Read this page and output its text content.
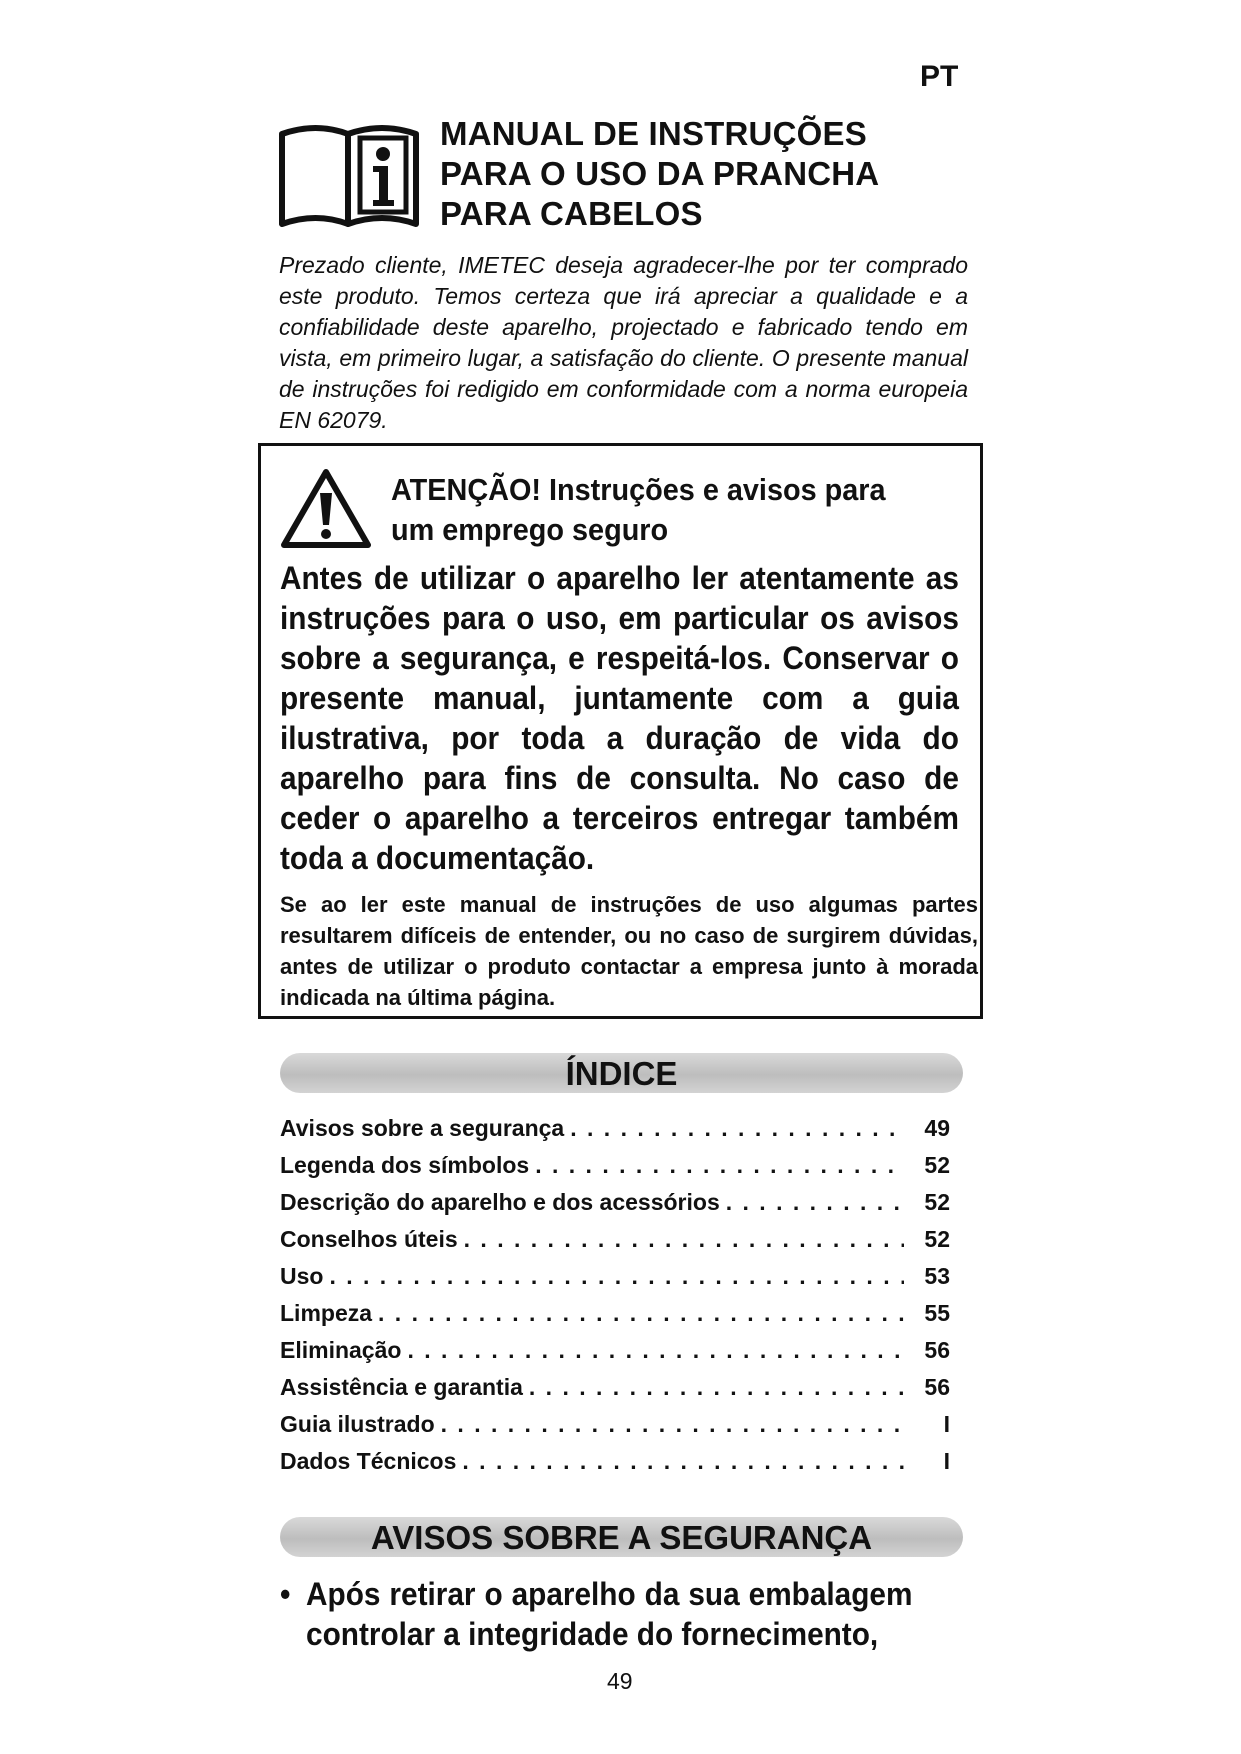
PT
MANUAL DE INSTRUÇÕES
PARA O USO DA PRANCHA
PARA CABELOS
Prezado cliente, IMETEC deseja agradecer-lhe por ter comprado este produto. Temos certeza que irá apreciar a qualidade e a confiabilidade deste aparelho, projectado e fabricado tendo em vista, em primeiro lugar, a satisfação do cliente. O presente manual de instruções foi redigido em conformidade com a norma europeia EN 62079.
ATENÇÃO! Instruções e avisos para
um emprego seguro
Antes de utilizar o aparelho ler atentamente as instruções para o uso, em particular os avisos sobre a segurança, e respeitá-los. Conservar o presente manual, juntamente com a guia ilustrativa, por toda a duração de vida do aparelho para fins de consulta. No caso de ceder o aparelho a terceiros entregar também toda a documentação.
Se ao ler este manual de instruções de uso algumas partes resultarem difíceis de entender, ou no caso de surgirem dúvidas, antes de utilizar o produto contactar a empresa junto à morada indicada na última página.
ÍNDICE
Avisos sobre a segurança . . .	49
Legenda dos símbolos . . .	52
Descrição do aparelho e dos acessórios . . .	52
Conselhos úteis . . .	52
Uso . . .	53
Limpeza . . .	55
Eliminação . . .	56
Assistência e garantia . . .	56
Guia ilustrado . . .	I
Dados Técnicos . . .	I
AVISOS SOBRE A SEGURANÇA
• Após retirar o aparelho da sua embalagem controlar a integridade do fornecimento,
49
